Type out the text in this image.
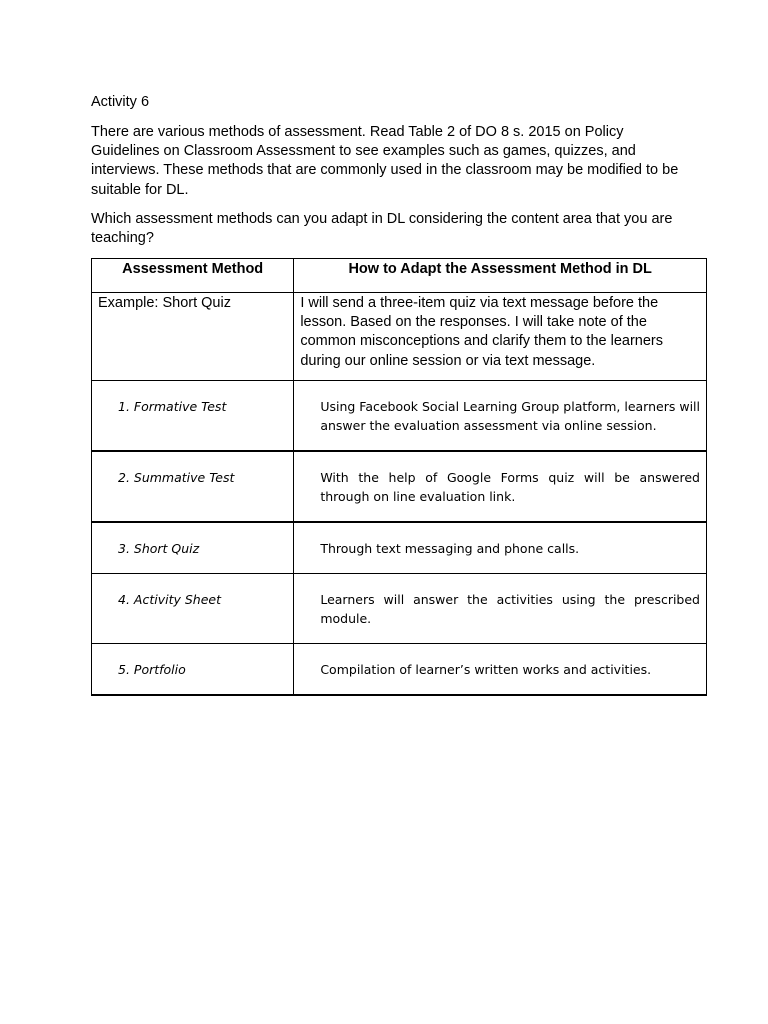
Activity 6
There are various methods of assessment. Read Table 2 of DO 8 s. 2015 on Policy Guidelines on Classroom Assessment to see examples such as games, quizzes, and interviews. These methods that are commonly used in the classroom may be modified to be suitable for DL.
Which assessment methods can you adapt in DL considering the content area that you are teaching?
Assessment Method	How to Adapt the Assessment Method in DL
Example: Short Quiz	I will send a three-item quiz via text message before the lesson. Based on the responses. I will take note of the common misconceptions and clarify them to the learners during our online session or via text message.
1. Formative Test	Using Facebook Social Learning Group platform, learners will answer the evaluation assessment via online session.
2. Summative Test	With the help of Google Forms quiz will be answered through on line evaluation link.
3. Short Quiz	Through text messaging and phone calls.
4. Activity Sheet	Learners will answer the activities using the prescribed module.
5. Portfolio	Compilation of learner’s written works and activities.
